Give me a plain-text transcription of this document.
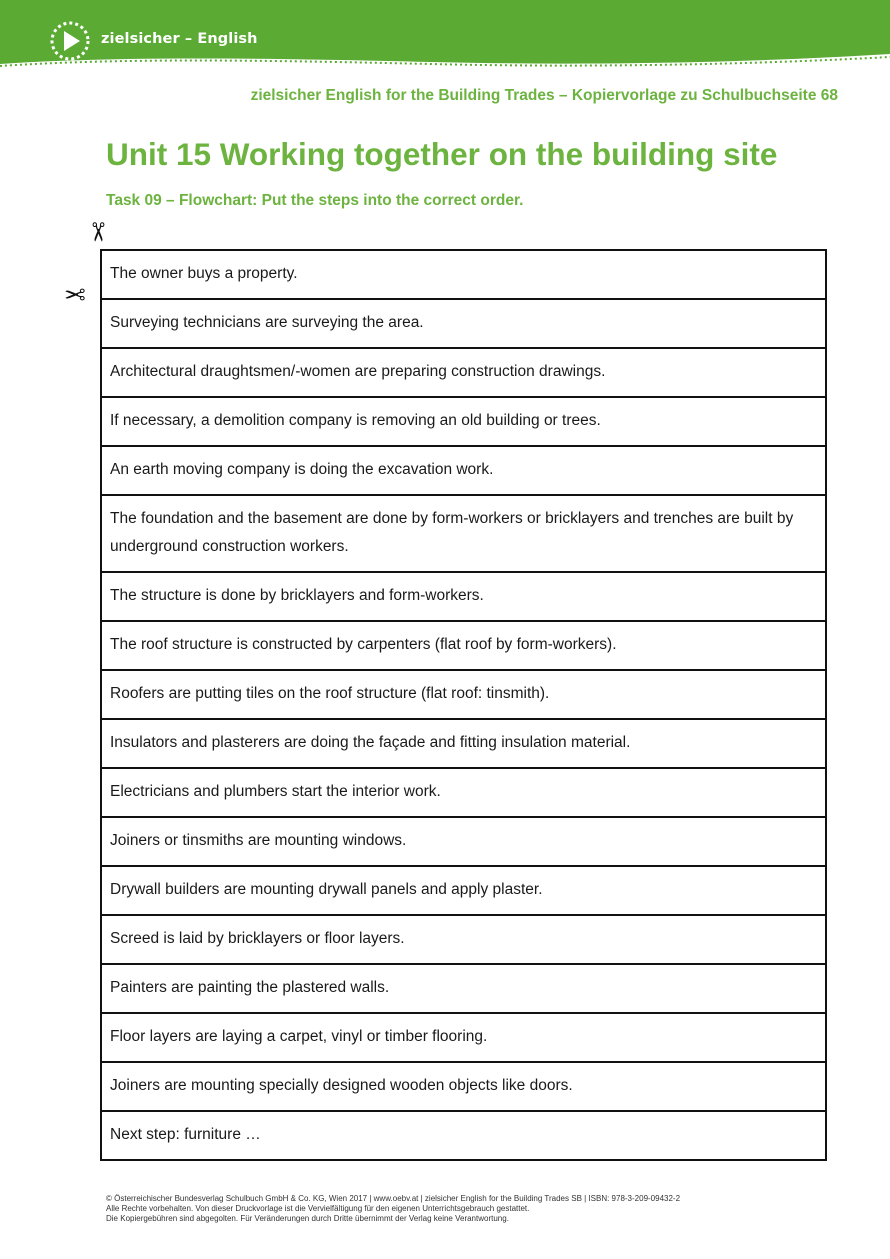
zielsicher – English
zielsicher English for the Building Trades – Kopiervorlage zu Schulbuchseite 68
Unit 15 Working together on the building site
Task 09 – Flowchart: Put the steps into the correct order.
✂
✂
The owner buys a property.
Surveying technicians are surveying the area.
Architectural draughtsmen/-women are preparing construction drawings.
If necessary, a demolition company is removing an old building or trees.
An earth moving company is doing the excavation work.
The foundation and the basement are done by form-workers or bricklayers and trenches are built by underground construction workers.
The structure is done by bricklayers and form-workers.
The roof structure is constructed by carpenters (flat roof by form-workers).
Roofers are putting tiles on the roof structure (flat roof: tinsmith).
Insulators and plasterers are doing the façade and fitting insulation material.
Electricians and plumbers start the interior work.
Joiners or tinsmiths are mounting windows.
Drywall builders are mounting drywall panels and apply plaster.
Screed is laid by bricklayers or floor layers.
Painters are painting the plastered walls.
Floor layers are laying a carpet, vinyl or timber flooring.
Joiners are mounting specially designed wooden objects like doors.
Next step: furniture …
© Österreichischer Bundesverlag Schulbuch GmbH & Co. KG, Wien 2017 | www.oebv.at | zielsicher English for the Building Trades SB | ISBN: 978-3-209-09432-2
Alle Rechte vorbehalten. Von dieser Druckvorlage ist die Vervielfältigung für den eigenen Unterrichtsgebrauch gestattet.
Die Kopiergebühren sind abgegolten. Für Veränderungen durch Dritte übernimmt der Verlag keine Verantwortung.
